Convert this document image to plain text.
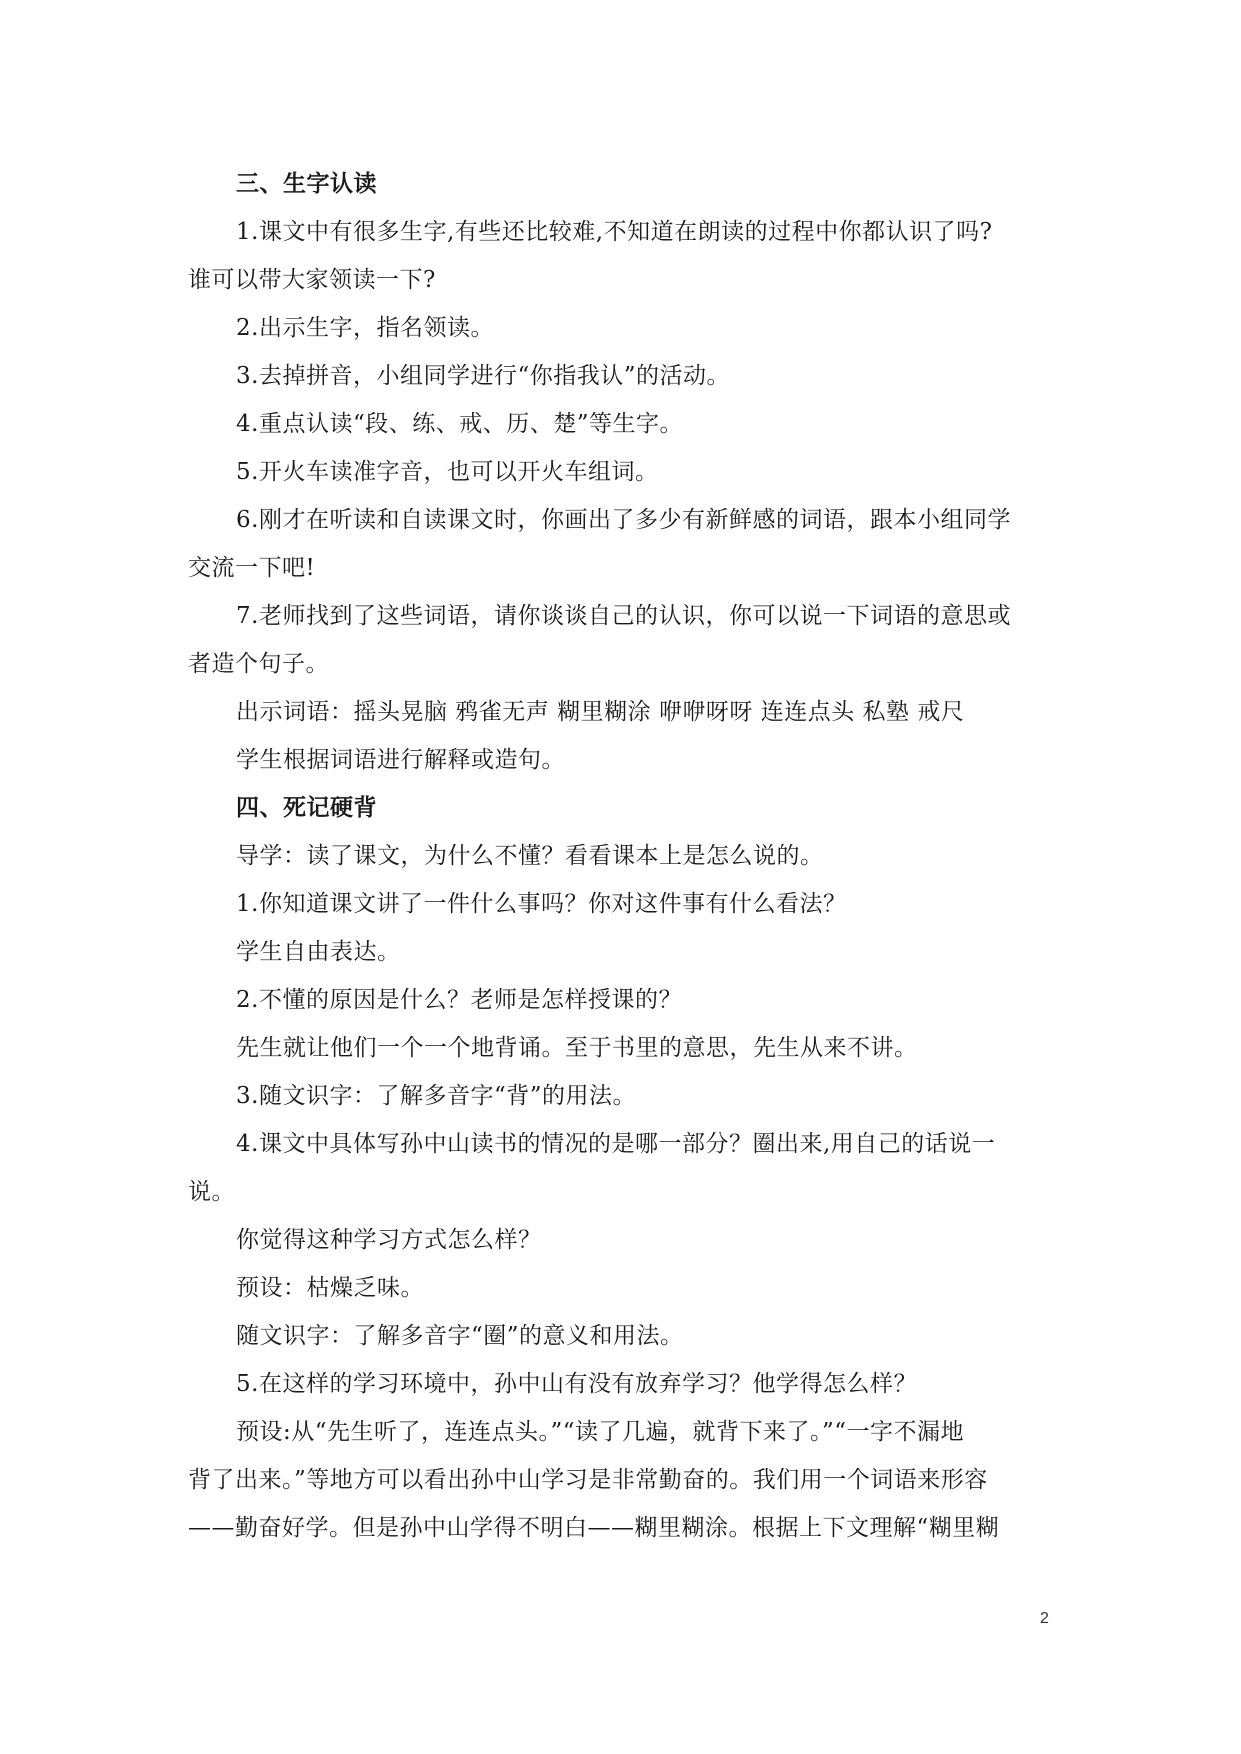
三、生字认读

1.课文中有很多生字,有些还比较难,不知道在朗读的过程中你都认识了吗?

谁可以带大家领读一下?

2.出示生字，指名领读。

3.去掉拼音，小组同学进行“你指我认”的活动。

4.重点认读“段、练、戒、历、楚”等生字。

5.开火车读准字音，也可以开火车组词。

6.刚才在听读和自读课文时，你画出了多少有新鲜感的词语，跟本小组同学

交流一下吧!

7.老师找到了这些词语，请你谈谈自己的认识，你可以说一下词语的意思或

者造个句子。

出示词语：摇头晃脑 鸦雀无声 糊里糊涂 咿咿呀呀 连连点头 私塾 戒尺

学生根据词语进行解释或造句。

四、死记硬背

导学：读了课文，为什么不懂？看看课本上是怎么说的。

1.你知道课文讲了一件什么事吗？你对这件事有什么看法？

学生自由表达。

2.不懂的原因是什么？老师是怎样授课的？

先生就让他们一个一个地背诵。至于书里的意思，先生从来不讲。

3.随文识字：了解多音字“背”的用法。

4.课文中具体写孙中山读书的情况的是哪一部分？圈出来,用自己的话说一

说。

你觉得这种学习方式怎么样？

预设：枯燥乏味。

随文识字：了解多音字“圈”的意义和用法。

5.在这样的学习环境中，孙中山有没有放弃学习？他学得怎么样？

预设:从“先生听了，连连点头。”“读了几遍，就背下来了。”“一字不漏地

背了出来。”等地方可以看出孙中山学习是非常勤奋的。我们用一个词语来形容

——勤奋好学。但是孙中山学得不明白——糊里糊涂。根据上下文理解“糊里糊

2
